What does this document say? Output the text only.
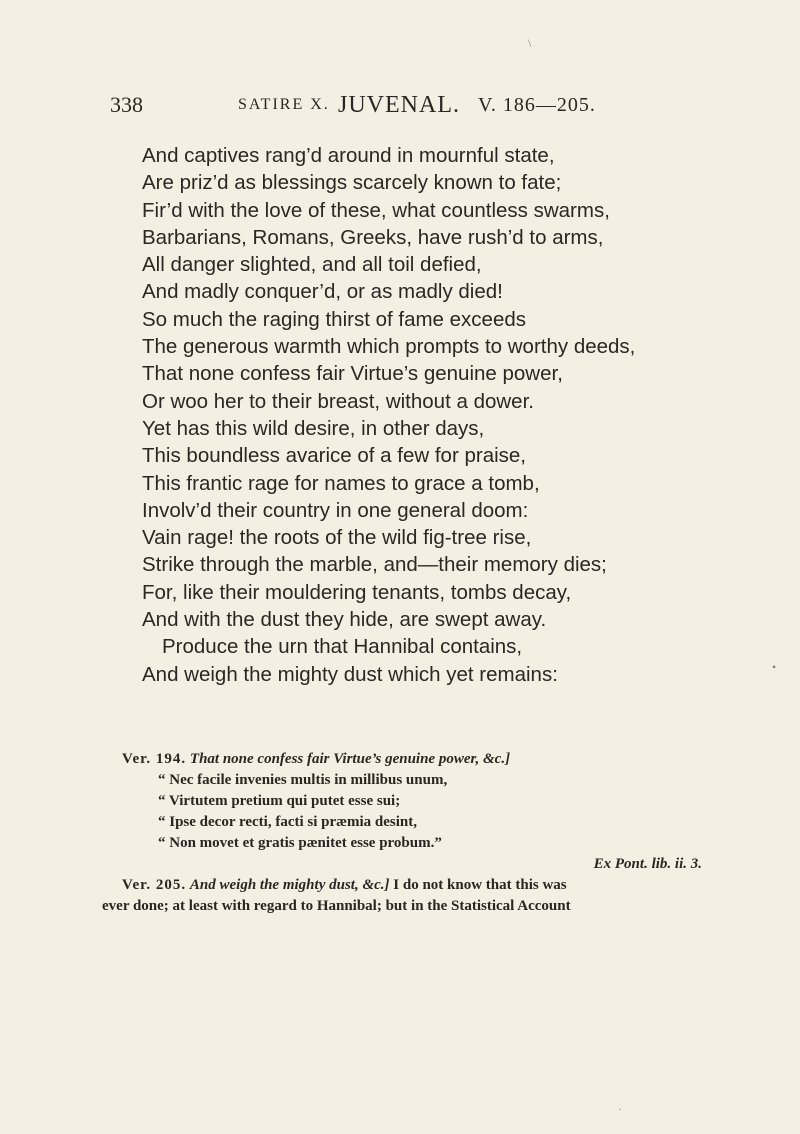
338	SATIRE X. JUVENAL. V. 186—205.
And captives rang’d around in mournful state,
Are priz’d as blessings scarcely known to fate;
Fir’d with the love of these, what countless swarms,
Barbarians, Romans, Greeks, have rush’d to arms,
All danger slighted, and all toil defied,
And madly conquer’d, or as madly died!
So much the raging thirst of fame exceeds
The generous warmth which prompts to worthy deeds,
That none confess fair Virtue’s genuine power,
Or woo her to their breast, without a dower.
Yet has this wild desire, in other days,
This boundless avarice of a few for praise,
This frantic rage for names to grace a tomb,
Involv’d their country in one general doom:
Vain rage! the roots of the wild fig-tree rise,
Strike through the marble, and—their memory dies;
For, like their mouldering tenants, tombs decay,
And with the dust they hide, are swept away.
Produce the urn that Hannibal contains,
And weigh the mighty dust which yet remains:
Ver. 194. That none confess fair Virtue’s genuine power, &c.]
“ Nec facile invenies multis in millibus unum,
“ Virtutem pretium qui putet esse sui;
“ Ipse decor recti, facti si præmia desint,
“ Non movet et gratis pænitet esse probum.”
Ex Pont. lib. ii. 3.
Ver. 205. And weigh the mighty dust, &c.] I do not know that this was
ever done; at least with regard to Hannibal; but in the Statistical Account
\
•
·
